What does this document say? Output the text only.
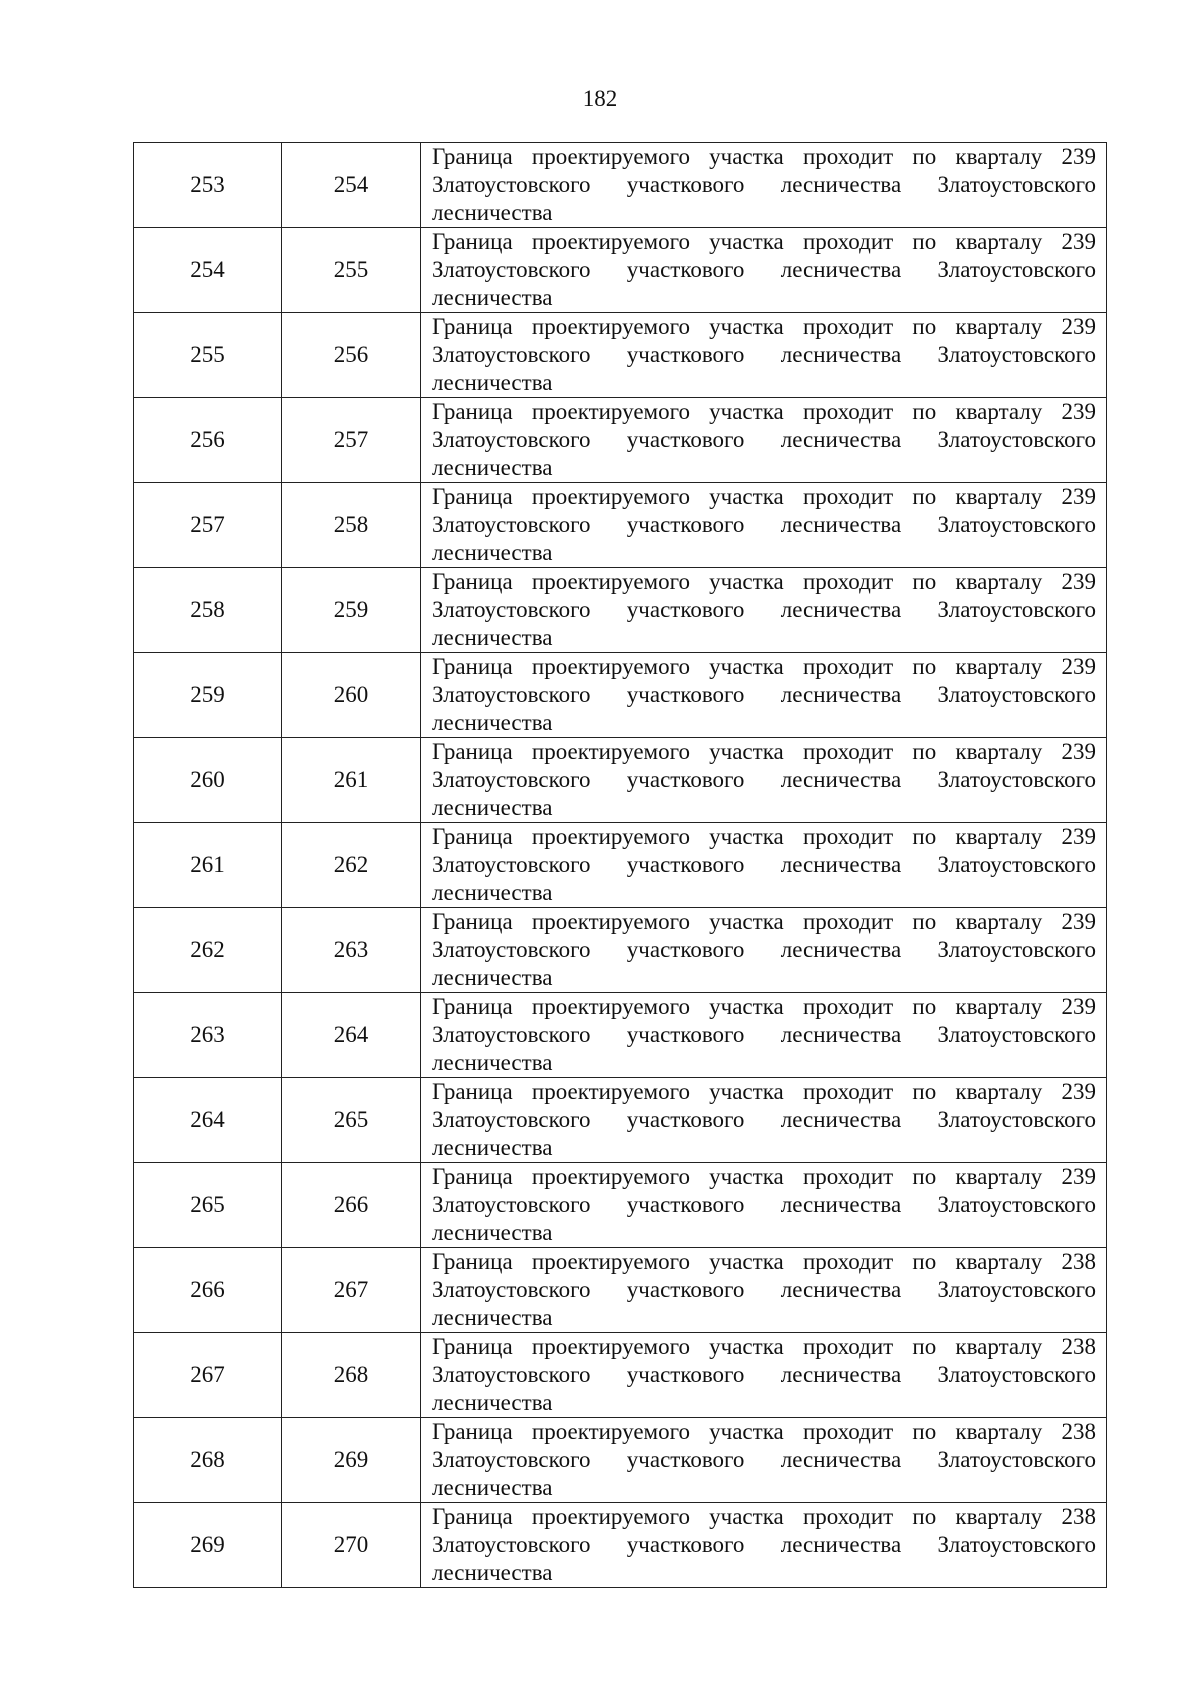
182
253	254	Граница проектируемого участка проходит по кварталу 239
Златоустовского участкового лесничества Златоустовского
лесничества

254	255	Граница проектируемого участка проходит по кварталу 239
Златоустовского участкового лесничества Златоустовского
лесничества

255	256	Граница проектируемого участка проходит по кварталу 239
Златоустовского участкового лесничества Златоустовского
лесничества

256	257	Граница проектируемого участка проходит по кварталу 239
Златоустовского участкового лесничества Златоустовского
лесничества

257	258	Граница проектируемого участка проходит по кварталу 239
Златоустовского участкового лесничества Златоустовского
лесничества

258	259	Граница проектируемого участка проходит по кварталу 239
Златоустовского участкового лесничества Златоустовского
лесничества

259	260	Граница проектируемого участка проходит по кварталу 239
Златоустовского участкового лесничества Златоустовского
лесничества

260	261	Граница проектируемого участка проходит по кварталу 239
Златоустовского участкового лесничества Златоустовского
лесничества

261	262	Граница проектируемого участка проходит по кварталу 239
Златоустовского участкового лесничества Златоустовского
лесничества

262	263	Граница проектируемого участка проходит по кварталу 239
Златоустовского участкового лесничества Златоустовского
лесничества

263	264	Граница проектируемого участка проходит по кварталу 239
Златоустовского участкового лесничества Златоустовского
лесничества

264	265	Граница проектируемого участка проходит по кварталу 239
Златоустовского участкового лесничества Златоустовского
лесничества

265	266	Граница проектируемого участка проходит по кварталу 239
Златоустовского участкового лесничества Златоустовского
лесничества

266	267	Граница проектируемого участка проходит по кварталу 238
Златоустовского участкового лесничества Златоустовского
лесничества

267	268	Граница проектируемого участка проходит по кварталу 238
Златоустовского участкового лесничества Златоустовского
лесничества

268	269	Граница проектируемого участка проходит по кварталу 238
Златоустовского участкового лесничества Златоустовского
лесничества

269	270	Граница проектируемого участка проходит по кварталу 238
Златоустовского участкового лесничества Златоустовского
лесничества
